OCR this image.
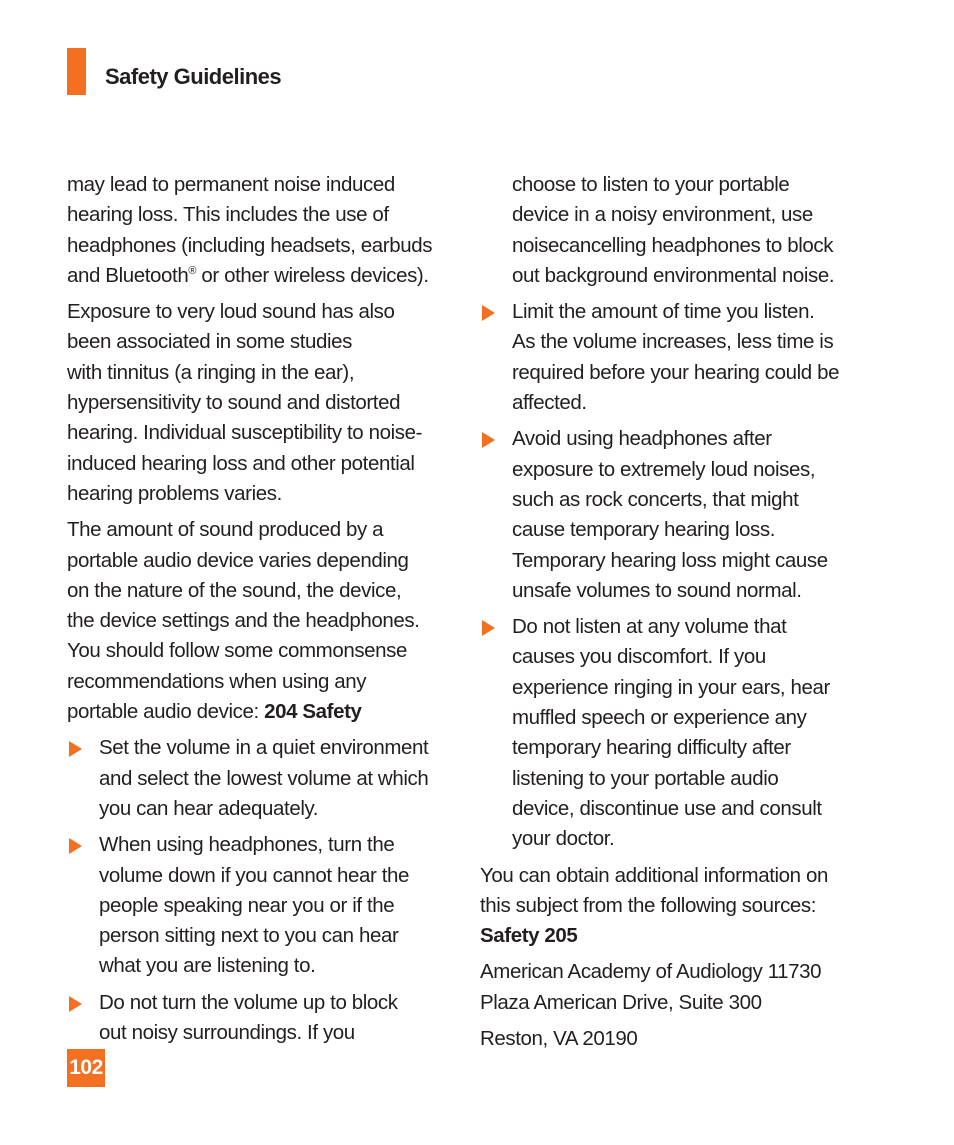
Safety Guidelines

may lead to permanent noise induced
hearing loss. This includes the use of
headphones (including headsets, earbuds
and Bluetooth® or other wireless devices).

Exposure to very loud sound has also
been associated in some studies
with tinnitus (a ringing in the ear),
hypersensitivity to sound and distorted
hearing. Individual susceptibility to noise-
induced hearing loss and other potential
hearing problems varies.

The amount of sound produced by a
portable audio device varies depending
on the nature of the sound, the device,
the device settings and the headphones.
You should follow some commonsense
recommendations when using any
portable audio device: 204 Safety

Set the volume in a quiet environment
and select the lowest volume at which
you can hear adequately.
When using headphones, turn the
volume down if you cannot hear the
people speaking near you or if the
person sitting next to you can hear
what you are listening to.
Do not turn the volume up to block
out noisy surroundings. If you
choose to listen to your portable
device in a noisy environment, use
noisecancelling headphones to block
out background environmental noise.
Limit the amount of time you listen.
As the volume increases, less time is
required before your hearing could be
affected.
Avoid using headphones after
exposure to extremely loud noises,
such as rock concerts, that might
cause temporary hearing loss.
Temporary hearing loss might cause
unsafe volumes to sound normal.
Do not listen at any volume that
causes you discomfort. If you
experience ringing in your ears, hear
muffled speech or experience any
temporary hearing difficulty after
listening to your portable audio
device, discontinue use and consult
your doctor.

You can obtain additional information on
this subject from the following sources:
Safety 205

American Academy of Audiology 11730
Plaza American Drive, Suite 300

Reston, VA 20190

102
